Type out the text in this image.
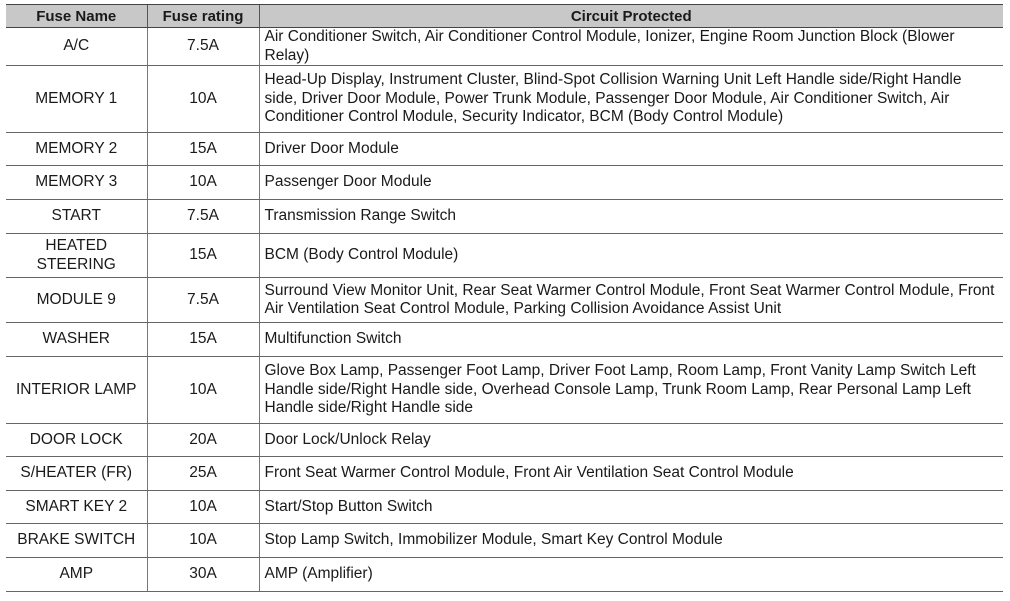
Fuse Name	Fuse rating	Circuit Protected
A/C	7.5A	Air Conditioner Switch, Air Conditioner Control Module, Ionizer, Engine Room Junction Block (Blower Relay)
MEMORY 1	10A	Head-Up Display, Instrument Cluster, Blind-Spot Collision Warning Unit Left Handle side/Right Handle side, Driver Door Module, Power Trunk Module, Passenger Door Module, Air Conditioner Switch, Air Conditioner Control Module, Security Indicator, BCM (Body Control Module)
MEMORY 2	15A	Driver Door Module
MEMORY 3	10A	Passenger Door Module
START	7.5A	Transmission Range Switch
HEATED STEERING	15A	BCM (Body Control Module)
MODULE 9	7.5A	Surround View Monitor Unit, Rear Seat Warmer Control Module, Front Seat Warmer Control Module, Front Air Ventilation Seat Control Module, Parking Collision Avoidance Assist Unit
WASHER	15A	Multifunction Switch
INTERIOR LAMP	10A	Glove Box Lamp, Passenger Foot Lamp, Driver Foot Lamp, Room Lamp, Front Vanity Lamp Switch Left Handle side/Right Handle side, Overhead Console Lamp, Trunk Room Lamp, Rear Personal Lamp Left Handle side/Right Handle side
DOOR LOCK	20A	Door Lock/Unlock Relay
S/HEATER (FR)	25A	Front Seat Warmer Control Module, Front Air Ventilation Seat Control Module
SMART KEY 2	10A	Start/Stop Button Switch
BRAKE SWITCH	10A	Stop Lamp Switch, Immobilizer Module, Smart Key Control Module
AMP	30A	AMP (Amplifier)
